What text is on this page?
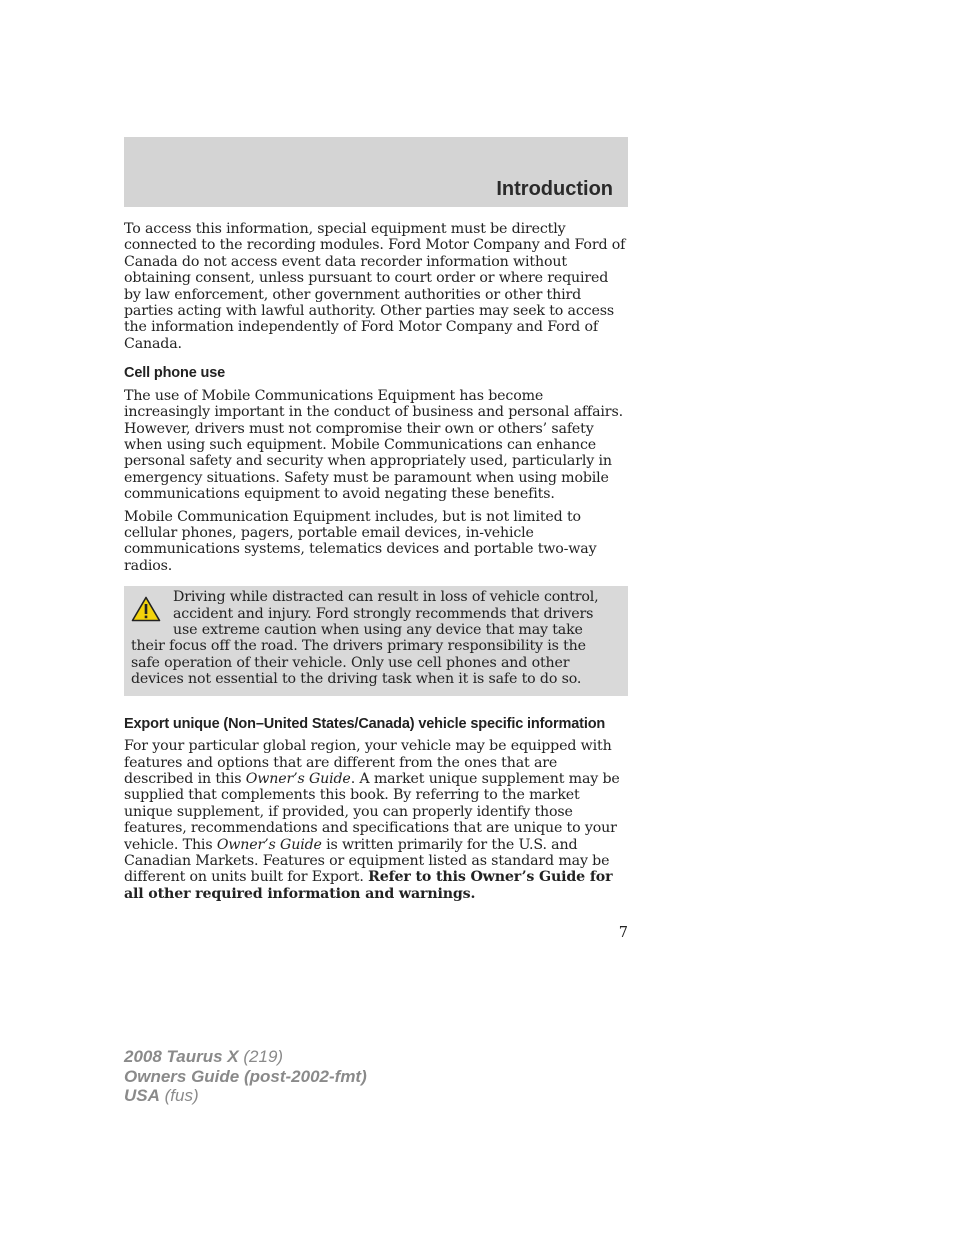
Introduction

To access this information, special equipment must be directly connected to the recording modules. Ford Motor Company and Ford of Canada do not access event data recorder information without obtaining consent, unless pursuant to court order or where required by law enforcement, other government authorities or other third parties acting with lawful authority. Other parties may seek to access the information independently of Ford Motor Company and Ford of Canada.

Cell phone use

The use of Mobile Communications Equipment has become increasingly important in the conduct of business and personal affairs. However, drivers must not compromise their own or others’ safety when using such equipment. Mobile Communications can enhance personal safety and security when appropriately used, particularly in emergency situations. Safety must be paramount when using mobile communications equipment to avoid negating these benefits.

Mobile Communication Equipment includes, but is not limited to cellular phones, pagers, portable email devices, in-vehicle communications systems, telematics devices and portable two-way radios.

Driving while distracted can result in loss of vehicle control, accident and injury. Ford strongly recommends that drivers use extreme caution when using any device that may take their focus off the road. The drivers primary responsibility is the safe operation of their vehicle. Only use cell phones and other devices not essential to the driving task when it is safe to do so.
Export unique (Non–United States/Canada) vehicle specific information

For your particular global region, your vehicle may be equipped with features and options that are different from the ones that are described in this Owner’s Guide. A market unique supplement may be supplied that complements this book. By referring to the market unique supplement, if provided, you can properly identify those features, recommendations and specifications that are unique to your vehicle. This Owner’s Guide is written primarily for the U.S. and Canadian Markets. Features or equipment listed as standard may be different on units built for Export. Refer to this Owner’s Guide for all other required information and warnings.

7
2008 Taurus X (219)
Owners Guide (post-2002-fmt)
USA (fus)
